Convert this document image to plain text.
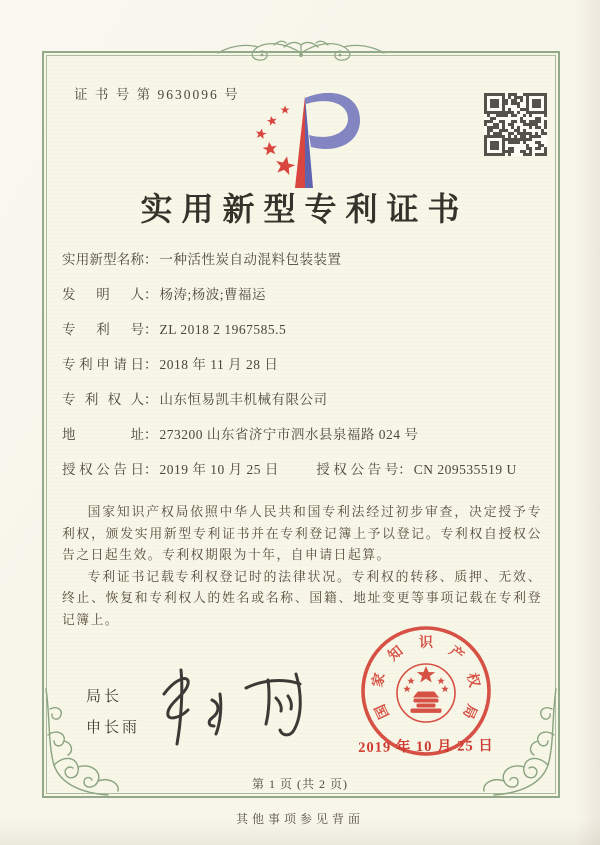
证 书 号 第 9630096 号
实用新型专利证书
实用新型名称： 一种活性炭自动混料包装装置
发明人： 杨涛;杨波;曹福运
专利号： ZL 2018 2 1967585.5
专利申请日： 2018 年 11 月 28 日
专利权人： 山东恒易凯丰机械有限公司
地址： 273200 山东省济宁市泗水县泉福路 024 号
授权公告日： 2019 年 10 月 25 日	授权公告号： CN 209535519 U

国家知识产权局依照中华人民共和国专利法经过初步审查，决定授予专利权，颁发实用新型专利证书并在专利登记簿上予以登记。专利权自授权公告之日起生效。专利权期限为十年，自申请日起算。

专利证书记载专利权登记时的法律状况。专利权的转移、质押、无效、终止、恢复和专利权人的姓名或名称、国籍、地址变更等事项记载在专利登记簿上。

局长
申长雨
国
家
知
识
产
权
局
2019 年 10 月 25 日
第 1 页 (共 2 页)
其他事项参见背面
